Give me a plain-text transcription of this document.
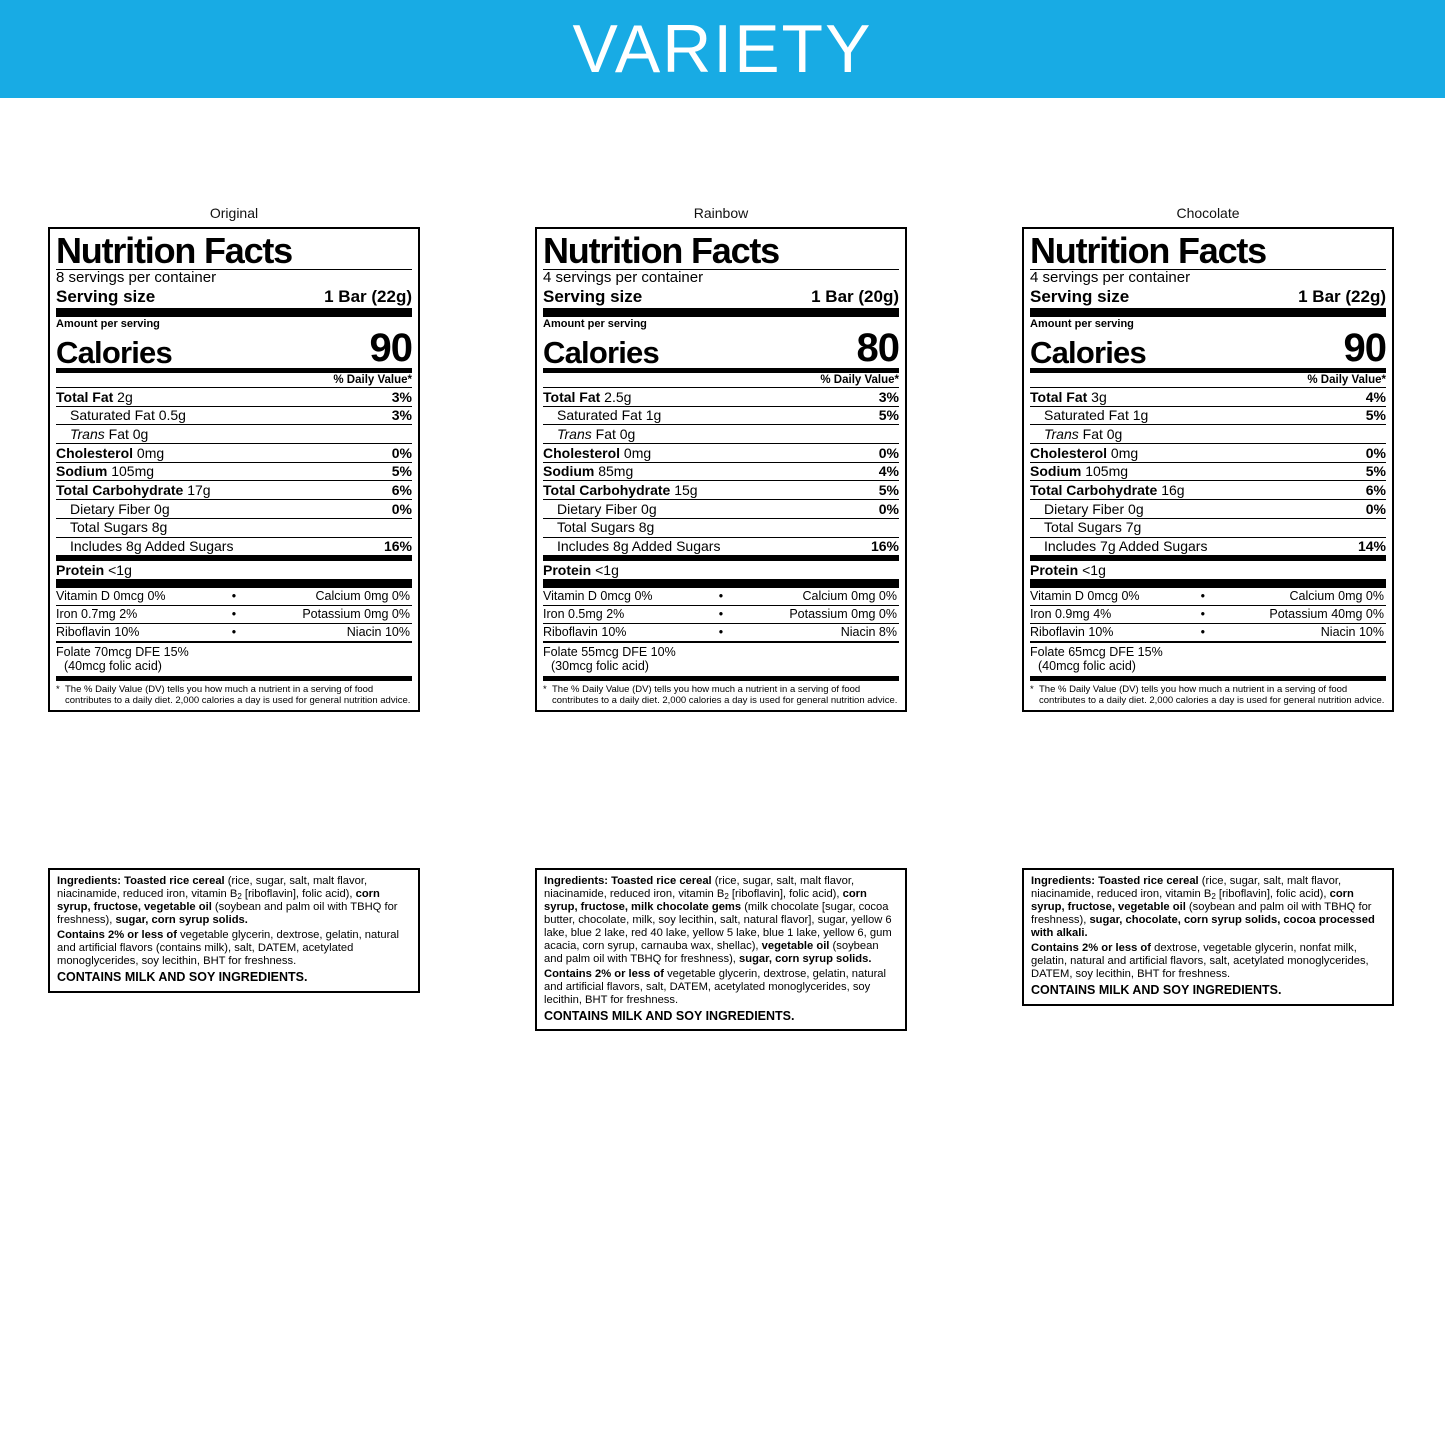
VARIETY
Original
Nutrition Facts
8 servings per container
Serving size	1 Bar (22g)
Amount per serving
Calories	90
% Daily Value*
Total Fat 2g	3%
Saturated Fat 0.5g	3%
Trans Fat 0g
Cholesterol 0mg	0%
Sodium 105mg	5%
Total Carbohydrate 17g	6%
Dietary Fiber 0g	0%
Total Sugars 8g
Includes 8g Added Sugars	16%
Protein <1g
Vitamin D 0mcg 0%	•	Calcium 0mg 0%
Iron 0.7mg 2%	•	Potassium 0mg 0%
Riboflavin 10%	•	Niacin 10%
Folate 70mcg DFE 15%
(40mcg folic acid)
* The % Daily Value (DV) tells you how much a nutrient in a serving of food contributes to a daily diet. 2,000 calories a day is used for general nutrition advice.
Rainbow
Nutrition Facts
4 servings per container
Serving size	1 Bar (20g)
Amount per serving
Calories	80
% Daily Value*
Total Fat 2.5g	3%
Saturated Fat 1g	5%
Trans Fat 0g
Cholesterol 0mg	0%
Sodium 85mg	4%
Total Carbohydrate 15g	5%
Dietary Fiber 0g	0%
Total Sugars 8g
Includes 8g Added Sugars	16%
Protein <1g
Vitamin D 0mcg 0%	•	Calcium 0mg 0%
Iron 0.5mg 2%	•	Potassium 0mg 0%
Riboflavin 10%	•	Niacin 8%
Folate 55mcg DFE 10%
(30mcg folic acid)
* The % Daily Value (DV) tells you how much a nutrient in a serving of food contributes to a daily diet. 2,000 calories a day is used for general nutrition advice.
Chocolate
Nutrition Facts
4 servings per container
Serving size	1 Bar (22g)
Amount per serving
Calories	90
% Daily Value*
Total Fat 3g	4%
Saturated Fat 1g	5%
Trans Fat 0g
Cholesterol 0mg	0%
Sodium 105mg	5%
Total Carbohydrate 16g	6%
Dietary Fiber 0g	0%
Total Sugars 7g
Includes 7g Added Sugars	14%
Protein <1g
Vitamin D 0mcg 0%	•	Calcium 0mg 0%
Iron 0.9mg 4%	•	Potassium 40mg 0%
Riboflavin 10%	•	Niacin 10%
Folate 65mcg DFE 15%
(40mcg folic acid)
* The % Daily Value (DV) tells you how much a nutrient in a serving of food contributes to a daily diet. 2,000 calories a day is used for general nutrition advice.

Ingredients: Toasted rice cereal (rice, sugar, salt, malt flavor, niacinamide, reduced iron, vitamin $B_2$ [riboflavin], folic acid), corn syrup, fructose, vegetable oil (soybean and palm oil with TBHQ for freshness), sugar, corn syrup solids.

Contains 2% or less of vegetable glycerin, dextrose, gelatin, natural and artificial flavors (contains milk), salt, DATEM, acetylated monoglycerides, soy lecithin, BHT for freshness.

CONTAINS MILK AND SOY INGREDIENTS.

Ingredients: Toasted rice cereal (rice, sugar, salt, malt flavor, niacinamide, reduced iron, vitamin $B_2$ [riboflavin], folic acid), corn syrup, fructose, milk chocolate gems (milk chocolate [sugar, cocoa butter, chocolate, milk, soy lecithin, salt, natural flavor], sugar, yellow 6 lake, blue 2 lake, red 40 lake, yellow 5 lake, blue 1 lake, yellow 6, gum acacia, corn syrup, carnauba wax, shellac), vegetable oil (soybean and palm oil with TBHQ for freshness), sugar, corn syrup solids.

Contains 2% or less of vegetable glycerin, dextrose, gelatin, natural and artificial flavors, salt, DATEM, acetylated monoglycerides, soy lecithin, BHT for freshness.

CONTAINS MILK AND SOY INGREDIENTS.

Ingredients: Toasted rice cereal (rice, sugar, salt, malt flavor, niacinamide, reduced iron, vitamin $B_2$ [riboflavin], folic acid), corn syrup, fructose, vegetable oil (soybean and palm oil with TBHQ for freshness), sugar, chocolate, corn syrup solids, cocoa processed with alkali.

Contains 2% or less of dextrose, vegetable glycerin, nonfat milk, gelatin, natural and artificial flavors, salt, acetylated monoglycerides, DATEM, soy lecithin, BHT for freshness.

CONTAINS MILK AND SOY INGREDIENTS.
